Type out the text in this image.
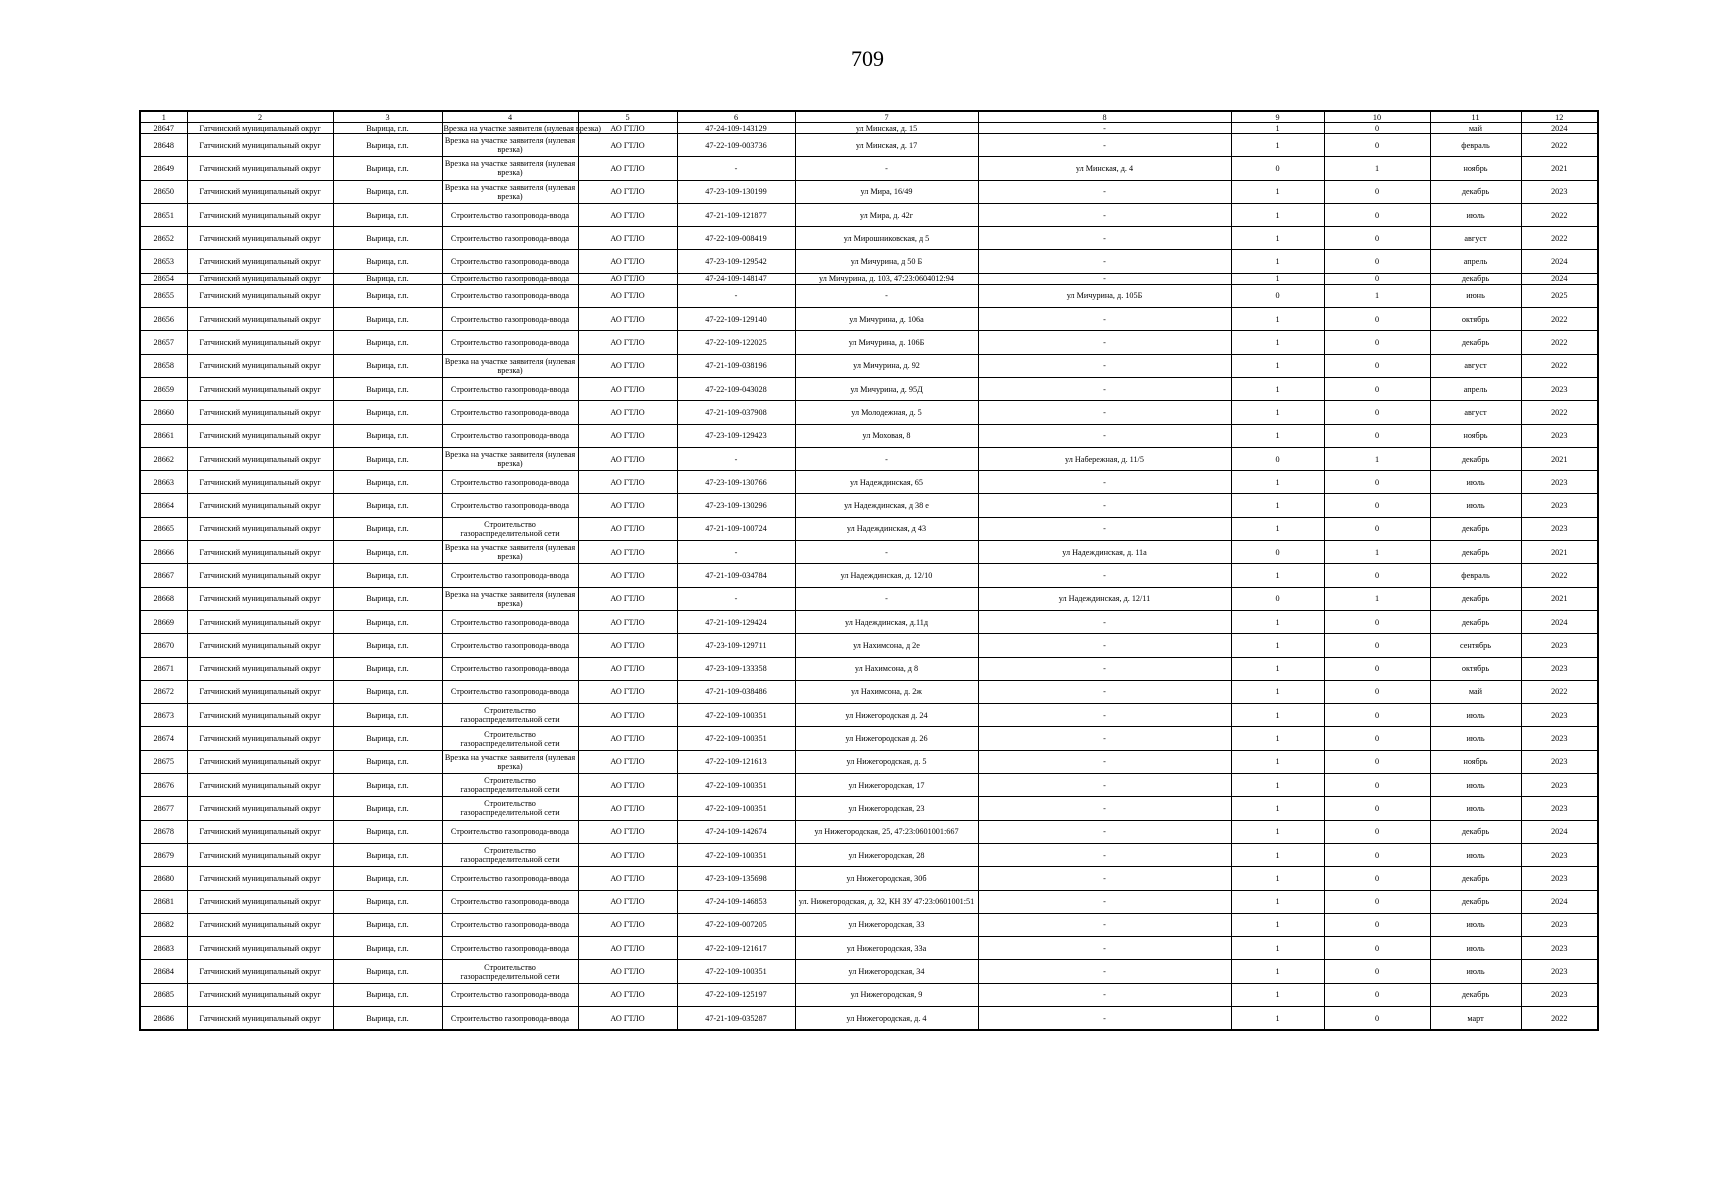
709
1	2	3	4	5	6	7	8	9	10	11	12
28647	Гатчинский муниципальный округ	Вырица, г.п.	Врезка на участке заявителя (нулевая врезка)	АО ГТЛО	47-24-109-143129	ул Минская, д. 15	-	1	0	май	2024
28648	Гатчинский муниципальный округ	Вырица, г.п.	Врезка на участке заявителя (нулевая врезка)	АО ГТЛО	47-22-109-003736	ул Минская, д. 17	-	1	0	февраль	2022
28649	Гатчинский муниципальный округ	Вырица, г.п.	Врезка на участке заявителя (нулевая врезка)	АО ГТЛО	-	-	ул Минская, д. 4	0	1	ноябрь	2021
28650	Гатчинский муниципальный округ	Вырица, г.п.	Врезка на участке заявителя (нулевая врезка)	АО ГТЛО	47-23-109-130199	ул Мира, 16/49	-	1	0	декабрь	2023
28651	Гатчинский муниципальный округ	Вырица, г.п.	Строительство газопровода-ввода	АО ГТЛО	47-21-109-121877	ул Мира, д. 42г	-	1	0	июль	2022
28652	Гатчинский муниципальный округ	Вырица, г.п.	Строительство газопровода-ввода	АО ГТЛО	47-22-109-008419	ул Мирошниковская, д 5	-	1	0	август	2022
28653	Гатчинский муниципальный округ	Вырица, г.п.	Строительство газопровода-ввода	АО ГТЛО	47-23-109-129542	ул Мичурина, д 50 Б	-	1	0	апрель	2024
28654	Гатчинский муниципальный округ	Вырица, г.п.	Строительство газопровода-ввода	АО ГТЛО	47-24-109-148147	ул Мичурина, д. 103, 47:23:0604012:94	-	1	0	декабрь	2024
28655	Гатчинский муниципальный округ	Вырица, г.п.	Строительство газопровода-ввода	АО ГТЛО	-	-	ул Мичурина, д. 105Б	0	1	июнь	2025
28656	Гатчинский муниципальный округ	Вырица, г.п.	Строительство газопровода-ввода	АО ГТЛО	47-22-109-129140	ул Мичурина, д. 106а	-	1	0	октябрь	2022
28657	Гатчинский муниципальный округ	Вырица, г.п.	Строительство газопровода-ввода	АО ГТЛО	47-22-109-122025	ул Мичурина, д. 106Б	-	1	0	декабрь	2022
28658	Гатчинский муниципальный округ	Вырица, г.п.	Врезка на участке заявителя (нулевая врезка)	АО ГТЛО	47-21-109-038196	ул Мичурина, д. 92	-	1	0	август	2022
28659	Гатчинский муниципальный округ	Вырица, г.п.	Строительство газопровода-ввода	АО ГТЛО	47-22-109-043028	ул Мичурина, д. 95Д	-	1	0	апрель	2023
28660	Гатчинский муниципальный округ	Вырица, г.п.	Строительство газопровода-ввода	АО ГТЛО	47-21-109-037908	ул Молодежная, д. 5	-	1	0	август	2022
28661	Гатчинский муниципальный округ	Вырица, г.п.	Строительство газопровода-ввода	АО ГТЛО	47-23-109-129423	ул Моховая, 8	-	1	0	ноябрь	2023
28662	Гатчинский муниципальный округ	Вырица, г.п.	Врезка на участке заявителя (нулевая врезка)	АО ГТЛО	-	-	ул Набережная, д. 11/5	0	1	декабрь	2021
28663	Гатчинский муниципальный округ	Вырица, г.п.	Строительство газопровода-ввода	АО ГТЛО	47-23-109-130766	ул Надеждинская, 65	-	1	0	июль	2023
28664	Гатчинский муниципальный округ	Вырица, г.п.	Строительство газопровода-ввода	АО ГТЛО	47-23-109-130296	ул Надеждинская, д 38 е	-	1	0	июль	2023
28665	Гатчинский муниципальный округ	Вырица, г.п.	Строительство газораспределительной сети	АО ГТЛО	47-21-109-100724	ул Надеждинская, д 43	-	1	0	декабрь	2023
28666	Гатчинский муниципальный округ	Вырица, г.п.	Врезка на участке заявителя (нулевая врезка)	АО ГТЛО	-	-	ул Надеждинская, д. 11а	0	1	декабрь	2021
28667	Гатчинский муниципальный округ	Вырица, г.п.	Строительство газопровода-ввода	АО ГТЛО	47-21-109-034784	ул Надеждинская, д. 12/10	-	1	0	февраль	2022
28668	Гатчинский муниципальный округ	Вырица, г.п.	Врезка на участке заявителя (нулевая врезка)	АО ГТЛО	-	-	ул Надеждинская, д. 12/11	0	1	декабрь	2021
28669	Гатчинский муниципальный округ	Вырица, г.п.	Строительство газопровода-ввода	АО ГТЛО	47-21-109-129424	ул Надеждинская, д.11д	-	1	0	декабрь	2024
28670	Гатчинский муниципальный округ	Вырица, г.п.	Строительство газопровода-ввода	АО ГТЛО	47-23-109-129711	ул Нахимсона, д 2е	-	1	0	сентябрь	2023
28671	Гатчинский муниципальный округ	Вырица, г.п.	Строительство газопровода-ввода	АО ГТЛО	47-23-109-133358	ул Нахимсона, д 8	-	1	0	октябрь	2023
28672	Гатчинский муниципальный округ	Вырица, г.п.	Строительство газопровода-ввода	АО ГТЛО	47-21-109-038486	ул Нахимсона, д. 2ж	-	1	0	май	2022
28673	Гатчинский муниципальный округ	Вырица, г.п.	Строительство газораспределительной сети	АО ГТЛО	47-22-109-100351	ул Нижегородская д. 24	-	1	0	июль	2023
28674	Гатчинский муниципальный округ	Вырица, г.п.	Строительство газораспределительной сети	АО ГТЛО	47-22-109-100351	ул Нижегородская д. 26	-	1	0	июль	2023
28675	Гатчинский муниципальный округ	Вырица, г.п.	Врезка на участке заявителя (нулевая врезка)	АО ГТЛО	47-22-109-121613	ул Нижегородская, д. 5	-	1	0	ноябрь	2023
28676	Гатчинский муниципальный округ	Вырица, г.п.	Строительство газораспределительной сети	АО ГТЛО	47-22-109-100351	ул Нижегородская, 17	-	1	0	июль	2023
28677	Гатчинский муниципальный округ	Вырица, г.п.	Строительство газораспределительной сети	АО ГТЛО	47-22-109-100351	ул Нижегородская, 23	-	1	0	июль	2023
28678	Гатчинский муниципальный округ	Вырица, г.п.	Строительство газопровода-ввода	АО ГТЛО	47-24-109-142674	ул Нижегородская, 25, 47:23:0601001:667	-	1	0	декабрь	2024
28679	Гатчинский муниципальный округ	Вырица, г.п.	Строительство газораспределительной сети	АО ГТЛО	47-22-109-100351	ул Нижегородская, 28	-	1	0	июль	2023
28680	Гатчинский муниципальный округ	Вырица, г.п.	Строительство газопровода-ввода	АО ГТЛО	47-23-109-135698	ул Нижегородская, 30б	-	1	0	декабрь	2023
28681	Гатчинский муниципальный округ	Вырица, г.п.	Строительство газопровода-ввода	АО ГТЛО	47-24-109-146853	ул. Нижегородская, д. 32, КН ЗУ 47:23:0601001:51	-	1	0	декабрь	2024
28682	Гатчинский муниципальный округ	Вырица, г.п.	Строительство газопровода-ввода	АО ГТЛО	47-22-109-007205	ул Нижегородская, 33	-	1	0	июль	2023
28683	Гатчинский муниципальный округ	Вырица, г.п.	Строительство газопровода-ввода	АО ГТЛО	47-22-109-121617	ул Нижегородская, 33а	-	1	0	июль	2023
28684	Гатчинский муниципальный округ	Вырица, г.п.	Строительство газораспределительной сети	АО ГТЛО	47-22-109-100351	ул Нижегородская, 34	-	1	0	июль	2023
28685	Гатчинский муниципальный округ	Вырица, г.п.	Строительство газопровода-ввода	АО ГТЛО	47-22-109-125197	ул Нижегородская, 9	-	1	0	декабрь	2023
28686	Гатчинский муниципальный округ	Вырица, г.п.	Строительство газопровода-ввода	АО ГТЛО	47-21-109-035287	ул Нижегородская, д. 4	-	1	0	март	2022
